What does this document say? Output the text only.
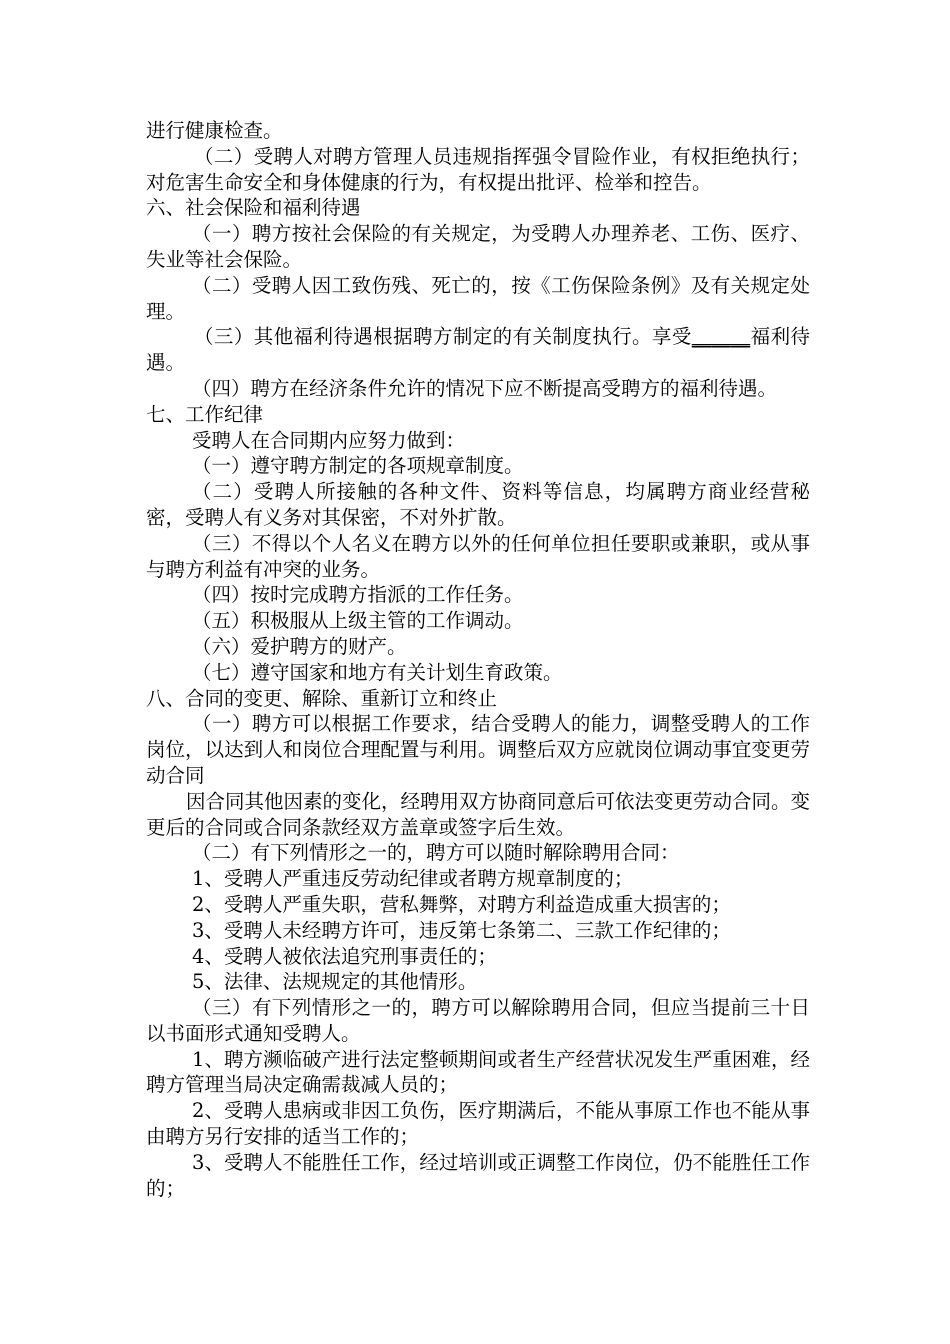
进行健康检查。

（二）受聘人对聘方管理人员违规指挥强令冒险作业，有权拒绝执行；对危害生命安全和身体健康的行为，有权提出批评、检举和控告。

六、社会保险和福利待遇

（一）聘方按社会保险的有关规定，为受聘人办理养老、工伤、医疗、失业等社会保险。

（二）受聘人因工致伤残、死亡的，按《工伤保险条例》及有关规定处理。

（三）其他福利待遇根据聘方制定的有关制度执行。享受______福利待遇。

（四）聘方在经济条件允许的情况下应不断提高受聘方的福利待遇。

七、工作纪律

受聘人在合同期内应努力做到：

（一）遵守聘方制定的各项规章制度。

（二）受聘人所接触的各种文件、资料等信息，均属聘方商业经营秘密，受聘人有义务对其保密，不对外扩散。

（三）不得以个人名义在聘方以外的任何单位担任要职或兼职，或从事与聘方利益有冲突的业务。

（四）按时完成聘方指派的工作任务。

（五）积极服从上级主管的工作调动。

（六）爱护聘方的财产。

（七）遵守国家和地方有关计划生育政策。

八、合同的变更、解除、重新订立和终止

（一）聘方可以根据工作要求，结合受聘人的能力，调整受聘人的工作岗位，以达到人和岗位合理配置与利用。调整后双方应就岗位调动事宜变更劳动合同

因合同其他因素的变化，经聘用双方协商同意后可依法变更劳动合同。变更后的合同或合同条款经双方盖章或签字后生效。

（二）有下列情形之一的，聘方可以随时解除聘用合同：

1、受聘人严重违反劳动纪律或者聘方规章制度的；

2、受聘人严重失职，营私舞弊，对聘方利益造成重大损害的；

3、受聘人未经聘方许可，违反第七条第二、三款工作纪律的；

4、受聘人被依法追究刑事责任的；

5、法律、法规规定的其他情形。

（三）有下列情形之一的，聘方可以解除聘用合同，但应当提前三十日以书面形式通知受聘人。

1、聘方濒临破产进行法定整顿期间或者生产经营状况发生严重困难，经聘方管理当局决定确需裁减人员的；

2、受聘人患病或非因工负伤，医疗期满后，不能从事原工作也不能从事由聘方另行安排的适当工作的；

3、受聘人不能胜任工作，经过培训或正调整工作岗位，仍不能胜任工作的；
